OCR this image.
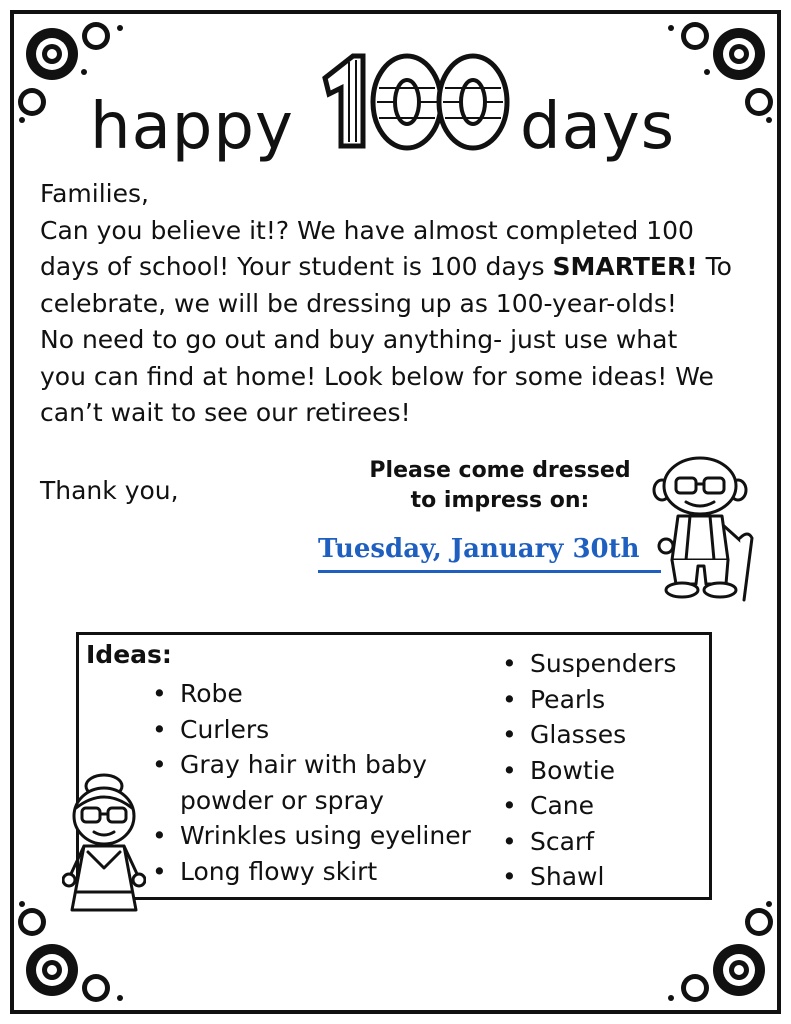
happy	days

Families,

Can you believe it!? We have almost completed 100

days of school! Your student is 100 days SMARTER! To

celebrate, we will be dressing up as 100-year-olds!

No need to go out and buy anything- just use what

you can find at home! Look below for some ideas! We

can’t wait to see our retirees!

Thank you,
Please come dressed
to impress on:
Tuesday, January 30th
Ideas:
• Robe
• Curlers
• Gray hair with baby
powder or spray
• Wrinkles using eyeliner
• Long flowy skirt
• Suspenders
• Pearls
• Glasses
• Bowtie
• Cane
• Scarf
• Shawl
